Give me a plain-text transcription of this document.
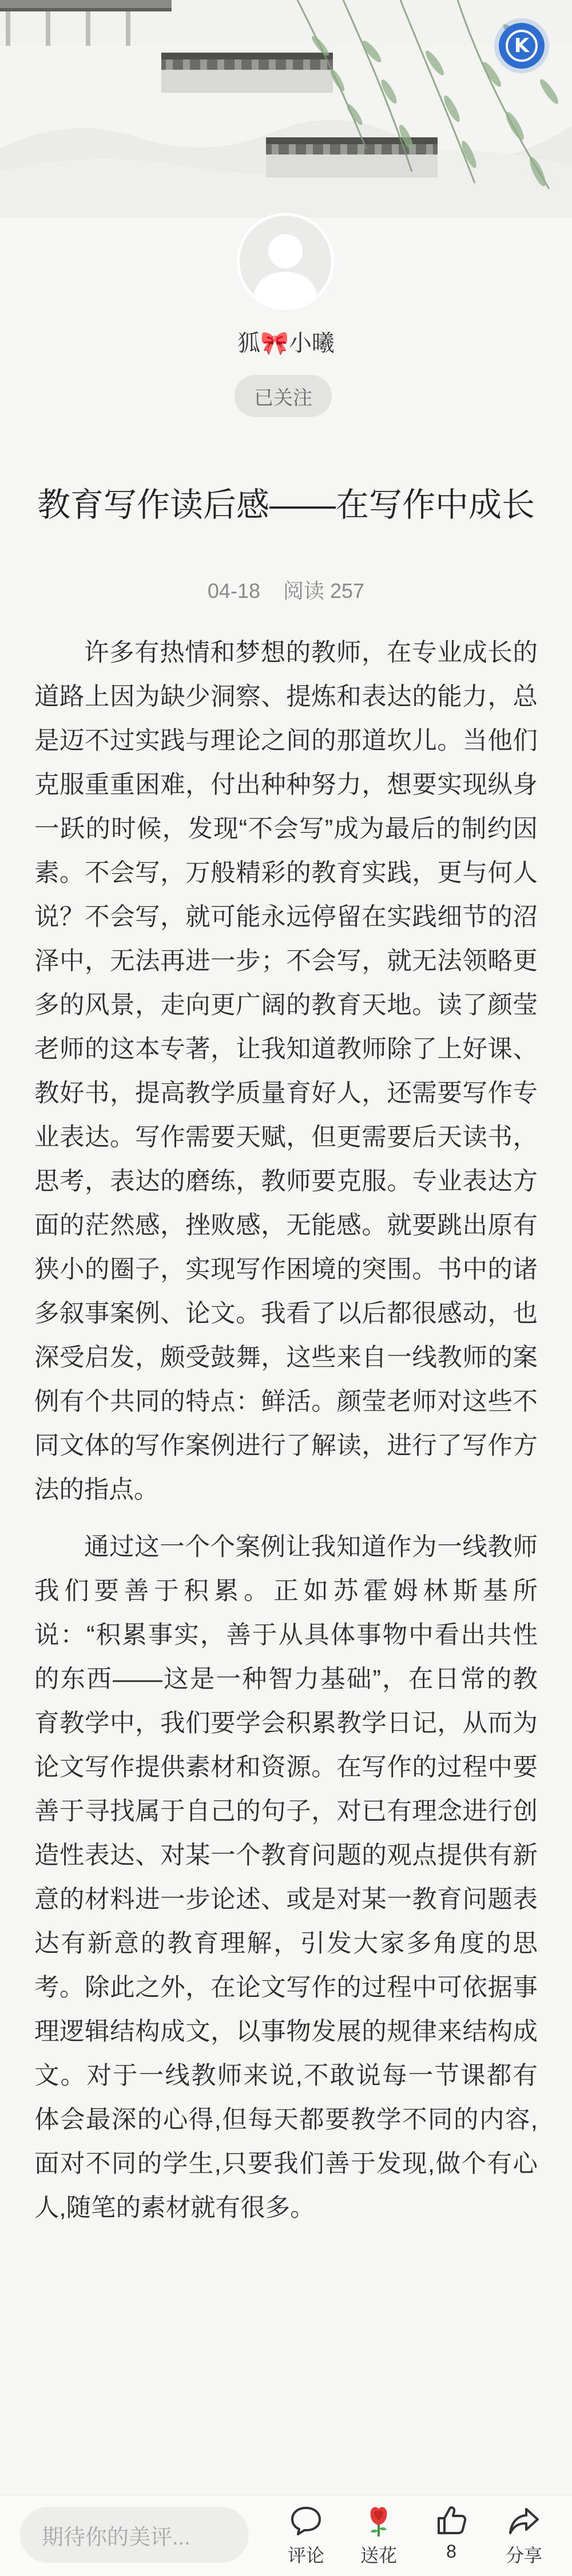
K
狐🎀小曦
已关注
教育写作读后感——在写作中成长
04-18 阅读 257

许多有热情和梦想的教师，在专业成长的道路上因为缺少洞察、提炼和表达的能力，总是迈不过实践与理论之间的那道坎儿。当他们克服重重困难，付出种种努力，想要实现纵身一跃的时候，发现“不会写”成为最后的制约因素。不会写，万般精彩的教育实践，更与何人说？不会写，就可能永远停留在实践细节的沼泽中，无法再进一步；不会写，就无法领略更多的风景，走向更广阔的教育天地。读了颜莹老师的这本专著，让我知道教师除了上好课、教好书，提高教学质量育好人，还需要写作专业表达。写作需要天赋，但更需要后天读书，思考，表达的磨练，教师要克服。专业表达方面的茫然感，挫败感，无能感。就要跳出原有狭小的圈子，实现写作困境的突围。书中的诸多叙事案例、论文。我看了以后都很感动，也深受启发，颇受鼓舞，这些来自一线教师的案例有个共同的特点：鲜活。颜莹老师对这些不同文体的写作案例进行了解读，进行了写作方法的指点。

通过这一个个案例让我知道作为一线教师我们要善于积累。正如苏霍姆林斯基所说：“积累事实，善于从具体事物中看出共性的东西——这是一种智力基础”，在日常的教育教学中，我们要学会积累教学日记，从而为论文写作提供素材和资源。在写作的过程中要善于寻找属于自己的句子，对已有理念进行创造性表达、对某一个教育问题的观点提供有新意的材料进一步论述、或是对某一教育问题表达有新意的教育理解，引发大家多角度的思考。除此之外，在论文写作的过程中可依据事理逻辑结构成文，以事物发展的规律来结构成文。对于一线教师来说,不敢说每一节课都有体会最深的心得,但每天都要教学不同的内容,面对不同的学生,只要我们善于发现,做个有心人,随笔的素材就有很多。

期待你的美评...
评论 送花	8	分享
